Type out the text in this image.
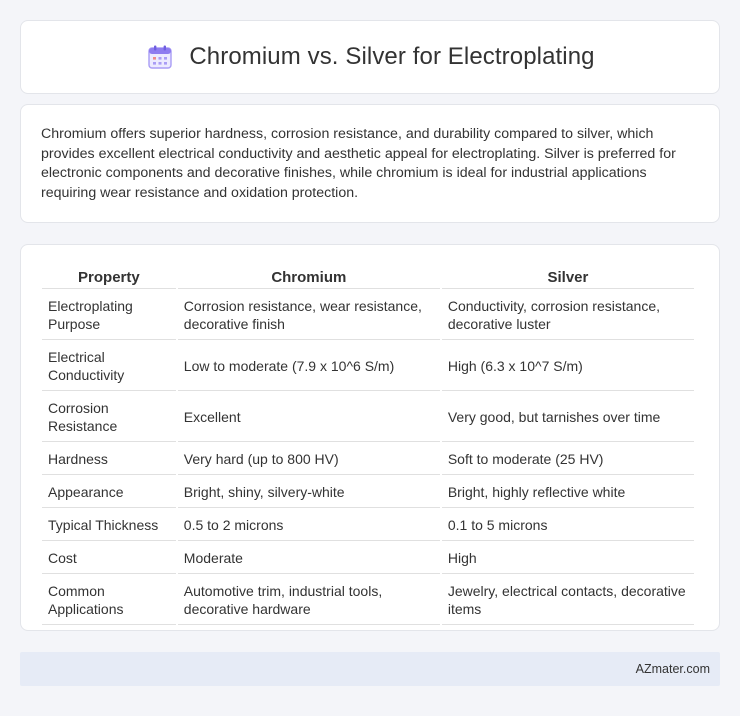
Chromium vs. Silver for Electroplating

Chromium offers superior hardness, corrosion resistance, and durability compared to silver, which provides excellent electrical conductivity and aesthetic appeal for electroplating. Silver is preferred for electronic components and decorative finishes, while chromium is ideal for industrial applications requiring wear resistance and oxidation protection.

Property	Chromium	Silver
Electroplating Purpose	Corrosion resistance, wear resistance, decorative finish	Conductivity, corrosion resistance, decorative luster
Electrical Conductivity	Low to moderate (7.9 x 10^6 S/m)	High (6.3 x 10^7 S/m)
Corrosion Resistance	Excellent	Very good, but tarnishes over time
Hardness	Very hard (up to 800 HV)	Soft to moderate (25 HV)
Appearance	Bright, shiny, silvery-white	Bright, highly reflective white
Typical Thickness	0.5 to 2 microns	0.1 to 5 microns
Cost	Moderate	High
Common Applications	Automotive trim, industrial tools, decorative hardware	Jewelry, electrical contacts, decorative items
AZmater.com
